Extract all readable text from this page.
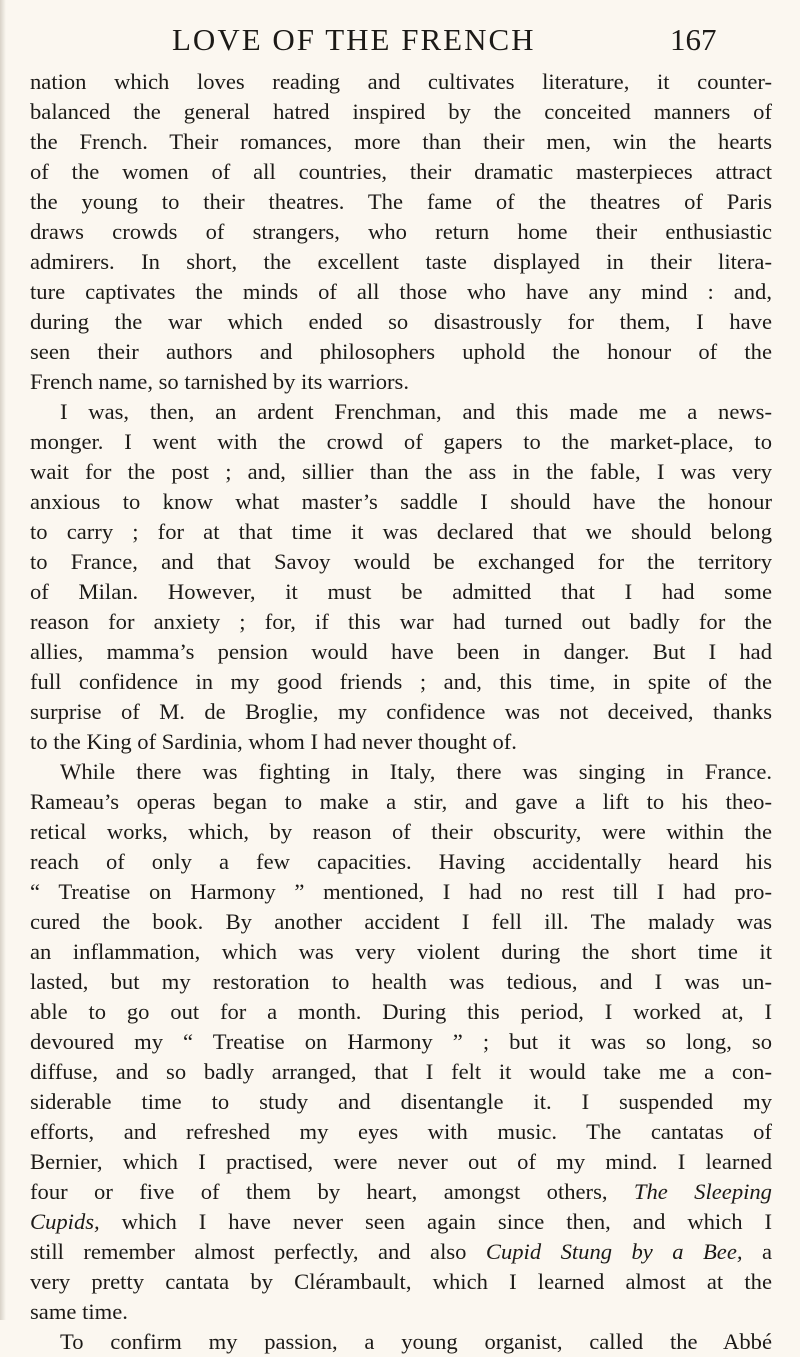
LOVE OF THE FRENCH	167
nation which loves reading and cultivates literature, it counter-
balanced the general hatred inspired by the conceited manners of
the French. Their romances, more than their men, win the hearts
of the women of all countries, their dramatic masterpieces attract
the young to their theatres. The fame of the theatres of Paris
draws crowds of strangers, who return home their enthusiastic
admirers. In short, the excellent taste displayed in their litera-
ture captivates the minds of all those who have any mind : and,
during the war which ended so disastrously for them, I have
seen their authors and philosophers uphold the honour of the
French name, so tarnished by its warriors.
I was, then, an ardent Frenchman, and this made me a news-
monger. I went with the crowd of gapers to the market-place, to
wait for the post ; and, sillier than the ass in the fable, I was very
anxious to know what master’s saddle I should have the honour
to carry ; for at that time it was declared that we should belong
to France, and that Savoy would be exchanged for the territory
of Milan. However, it must be admitted that I had some
reason for anxiety ; for, if this war had turned out badly for the
allies, mamma’s pension would have been in danger. But I had
full confidence in my good friends ; and, this time, in spite of the
surprise of M. de Broglie, my confidence was not deceived, thanks
to the King of Sardinia, whom I had never thought of.
While there was fighting in Italy, there was singing in France.
Rameau’s operas began to make a stir, and gave a lift to his theo-
retical works, which, by reason of their obscurity, were within the
reach of only a few capacities. Having accidentally heard his
“ Treatise on Harmony ” mentioned, I had no rest till I had pro-
cured the book. By another accident I fell ill. The malady was
an inflammation, which was very violent during the short time it
lasted, but my restoration to health was tedious, and I was un-
able to go out for a month. During this period, I worked at, I
devoured my “ Treatise on Harmony ” ; but it was so long, so
diffuse, and so badly arranged, that I felt it would take me a con-
siderable time to study and disentangle it. I suspended my
efforts, and refreshed my eyes with music. The cantatas of
Bernier, which I practised, were never out of my mind. I learned
four or five of them by heart, amongst others, The Sleeping
Cupids, which I have never seen again since then, and which I
still remember almost perfectly, and also Cupid Stung by a Bee, a
very pretty cantata by Clérambault, which I learned almost at the
same time.
To confirm my passion, a young organist, called the Abbé
